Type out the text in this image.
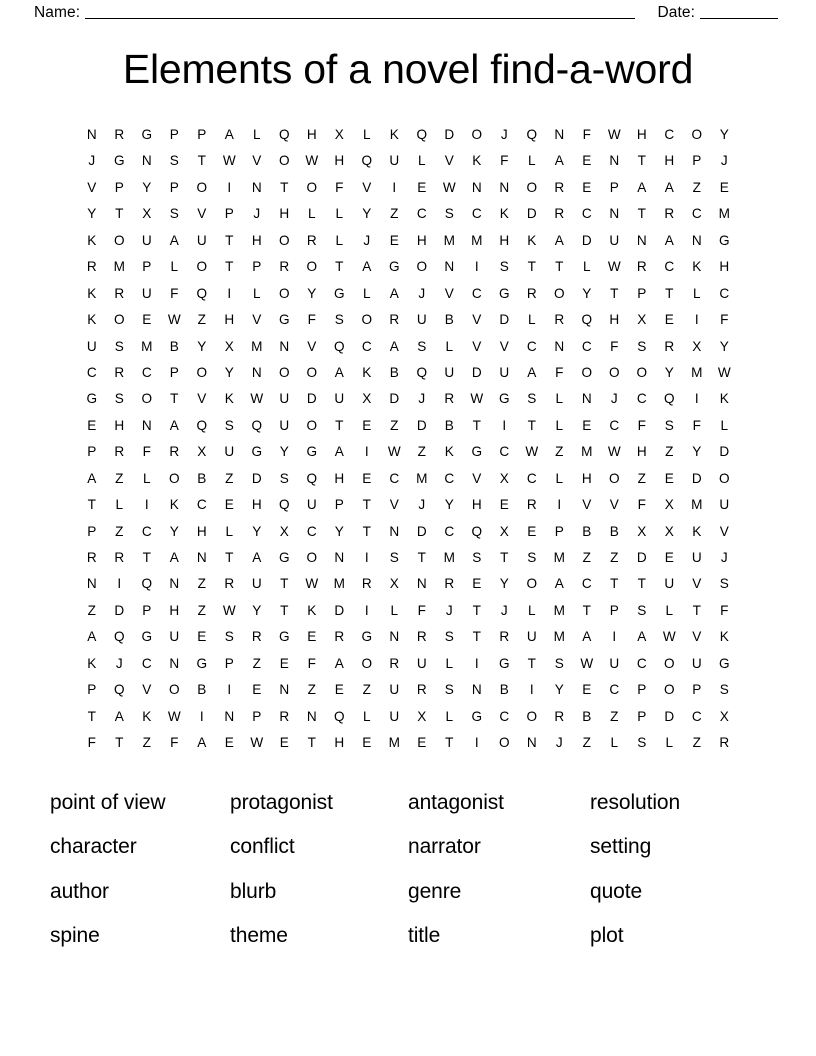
Name:	Date:
Elements of a novel find-a-word
N	R	G	P	P	A	L	Q	H	X	L	K	Q	D	O	J	Q	N	F	W	H	C	O	Y
J	G	N	S	T	W	V	O	W	H	Q	U	L	V	K	F	L	A	E	N	T	H	P	J
V	P	Y	P	O	I	N	T	O	F	V	I	E	W	N	N	O	R	E	P	A	A	Z	E
Y	T	X	S	V	P	J	H	L	L	Y	Z	C	S	C	K	D	R	C	N	T	R	C	M
K	O	U	A	U	T	H	O	R	L	J	E	H	M	M	H	K	A	D	U	N	A	N	G
R	M	P	L	O	T	P	R	O	T	A	G	O	N	I	S	T	T	L	W	R	C	K	H
K	R	U	F	Q	I	L	O	Y	G	L	A	J	V	C	G	R	O	Y	T	P	T	L	C
K	O	E	W	Z	H	V	G	F	S	O	R	U	B	V	D	L	R	Q	H	X	E	I	F
U	S	M	B	Y	X	M	N	V	Q	C	A	S	L	V	V	C	N	C	F	S	R	X	Y
C	R	C	P	O	Y	N	O	O	A	K	B	Q	U	D	U	A	F	O	O	O	Y	M	W
G	S	O	T	V	K	W	U	D	U	X	D	J	R	W	G	S	L	N	J	C	Q	I	K
E	H	N	A	Q	S	Q	U	O	T	E	Z	D	B	T	I	T	L	E	C	F	S	F	L
P	R	F	R	X	U	G	Y	G	A	I	W	Z	K	G	C	W	Z	M	W	H	Z	Y	D
A	Z	L	O	B	Z	D	S	Q	H	E	C	M	C	V	X	C	L	H	O	Z	E	D	O
T	L	I	K	C	E	H	Q	U	P	T	V	J	Y	H	E	R	I	V	V	F	X	M	U
P	Z	C	Y	H	L	Y	X	C	Y	T	N	D	C	Q	X	E	P	B	B	X	X	K	V
R	R	T	A	N	T	A	G	O	N	I	S	T	M	S	T	S	M	Z	Z	D	E	U	J
N	I	Q	N	Z	R	U	T	W	M	R	X	N	R	E	Y	O	A	C	T	T	U	V	S
Z	D	P	H	Z	W	Y	T	K	D	I	L	F	J	T	J	L	M	T	P	S	L	T	F
A	Q	G	U	E	S	R	G	E	R	G	N	R	S	T	R	U	M	A	I	A	W	V	K
K	J	C	N	G	P	Z	E	F	A	O	R	U	L	I	G	T	S	W	U	C	O	U	G
P	Q	V	O	B	I	E	N	Z	E	Z	U	R	S	N	B	I	Y	E	C	P	O	P	S
T	A	K	W	I	N	P	R	N	Q	L	U	X	L	G	C	O	R	B	Z	P	D	C	X
F	T	Z	F	A	E	W	E	T	H	E	M	E	T	I	O	N	J	Z	L	S	L	Z	R
point of view	protagonist	antagonist	resolution
character	conflict	narrator	setting
author	blurb	genre	quote
spine	theme	title	plot
